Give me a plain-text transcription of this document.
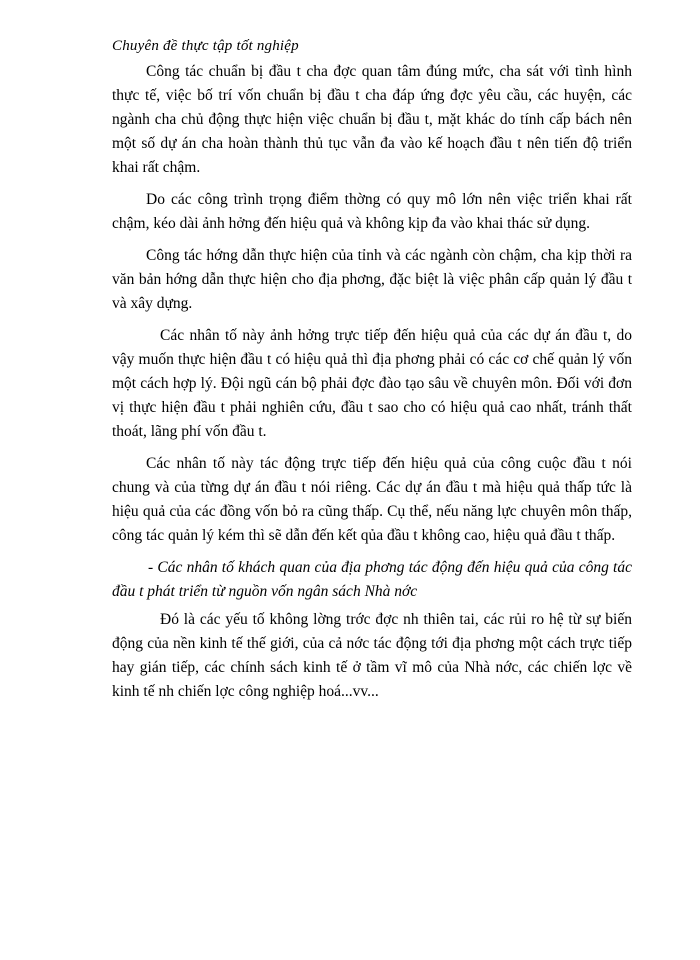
Chuyên đề thực tập tốt nghiệp

Công tác chuẩn bị đầu t cha đợc quan tâm đúng mức, cha sát với tình hình thực tế, việc bố trí vốn chuẩn bị đầu t cha đáp ứng đợc yêu cầu, các huyện, các ngành cha chủ động thực hiện việc chuẩn bị đầu t, mặt khác do tính cấp bách nên một số dự án cha hoàn thành thủ tục vẫn đa vào kế hoạch đầu t nên tiến độ triển khai rất chậm.

Do các công trình trọng điểm thờng có quy mô lớn nên việc triển khai rất chậm, kéo dài ảnh hởng đến hiệu quả và không kịp đa vào khai thác sử dụng.

Công tác hớng dẫn thực hiện của tỉnh và các ngành còn chậm, cha kịp thời ra văn bản hớng dẫn thực hiện cho địa phơng, đặc biệt là việc phân cấp quản lý đầu t và xây dựng.

Các nhân tố này ảnh hởng trực tiếp đến hiệu quả của các dự án đầu t, do vậy muốn thực hiện đầu t có hiệu quả thì địa phơng phải có các cơ chế quản lý vốn một cách hợp lý. Đội ngũ cán bộ phải đợc đào tạo sâu về chuyên môn. Đối với đơn vị thực hiện đầu t phải nghiên cứu, đầu t sao cho có hiệu quả cao nhất, tránh thất thoát, lãng phí vốn đầu t.

Các nhân tố này tác động trực tiếp đến hiệu quả của công cuộc đầu t nói chung và của từng dự án đầu t nói riêng. Các dự án đầu t mà hiệu quả thấp tức là hiệu quả của các đồng vốn bỏ ra cũng thấp. Cụ thể, nếu năng lực chuyên môn thấp, công tác quản lý kém thì sẽ dẫn đến kết qủa đầu t không cao, hiệu quả đầu t thấp.

- Các nhân tố khách quan của địa phơng tác động đến hiệu quả của công tác đầu t phát triển từ nguồn vốn ngân sách Nhà nớc

Đó là các yếu tố không lờng trớc đợc nh thiên tai, các rủi ro hệ từ sự biến động của nền kinh tế thế giới, của cả nớc tác động tới địa phơng một cách trực tiếp hay gián tiếp, các chính sách kinh tế ở tầm vĩ mô của Nhà nớc, các chiến lợc về kinh tế nh chiến lợc công nghiệp hoá...vv...
